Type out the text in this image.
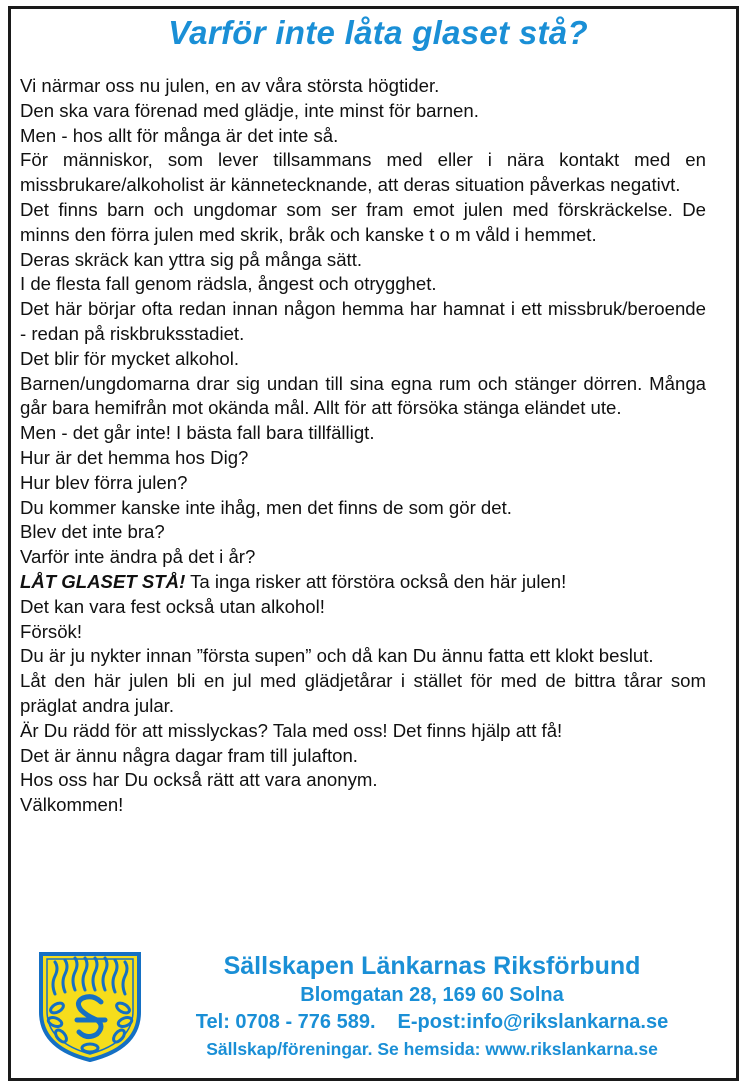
Varför inte låta glaset stå?

Vi närmar oss nu julen, en av våra största högtider.

Den ska vara förenad med glädje, inte minst för barnen.

Men - hos allt för många är det inte så.

För människor, som lever tillsammans med eller i nära kontakt med en missbrukare/alkoholist är kännetecknande, att deras situation påverkas negativt.

Det finns barn och ungdomar som ser fram emot julen med förskräckelse. De minns den förra julen med skrik, bråk och kanske t o m våld i hemmet.

Deras skräck kan yttra sig på många sätt.

I de flesta fall genom rädsla, ångest och otrygghet.

Det här börjar ofta redan innan någon hemma har hamnat i ett missbruk/beroende - redan på riskbruksstadiet.

Det blir för mycket alkohol.

Barnen/ungdomarna drar sig undan till sina egna rum och stänger dörren. Många går bara hemifrån mot okända mål. Allt för att försöka stänga eländet ute.

Men - det går inte! I bästa fall bara tillfälligt.

Hur är det hemma hos Dig?

Hur blev förra julen?

Du kommer kanske inte ihåg, men det finns de som gör det.

Blev det inte bra?

Varför inte ändra på det i år?

LÅT GLASET STÅ! Ta inga risker att förstöra också den här julen!

Det kan vara fest också utan alkohol!

Försök!

Du är ju nykter innan ”första supen” och då kan Du ännu fatta ett klokt beslut.

Låt den här julen bli en jul med glädjetårar i stället för med de bittra tårar som präglat andra jular.

Är Du rädd för att misslyckas? Tala med oss! Det finns hjälp att få!

Det är ännu några dagar fram till julafton.

Hos oss har Du också rätt att vara anonym.

Välkommen!

Sällskapen Länkarnas Riksförbund
Blomgatan 28, 169 60 Solna
Tel: 0708 - 776 589. E-post:info@rikslankarna.se
Sällskap/föreningar. Se hemsida: www.rikslankarna.se
